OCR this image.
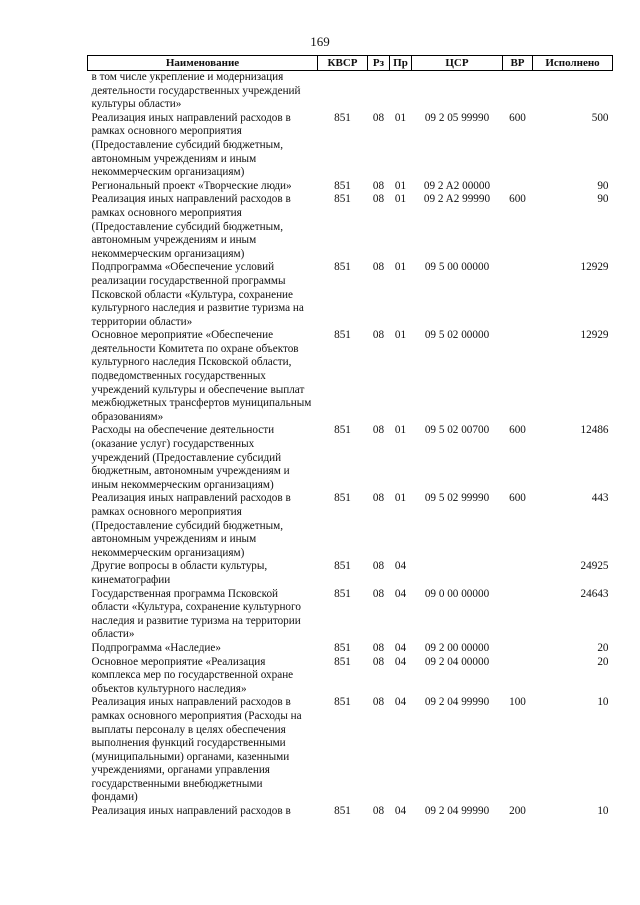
169
Наименование	КВСР	Рз	Пр	ЦСР	ВР	Исполнено
в том числе укрепление и модернизация деятельности государственных учреждений культуры области»						
Реализация иных направлений расходов в рамках основного мероприятия (Предоставление субсидий бюджетным, автономным учреждениям и иным некоммерческим организациям)	851	08	01	09 2 05 99990	600	500
Региональный проект «Творческие люди»	851	08	01	09 2 A2 00000		90
Реализация иных направлений расходов в рамках основного мероприятия (Предоставление субсидий бюджетным, автономным учреждениям и иным некоммерческим организациям)	851	08	01	09 2 A2 99990	600	90
Подпрограмма «Обеспечение условий реализации государственной программы Псковской области «Культура, сохранение культурного наследия и развитие туризма на территории области»	851	08	01	09 5 00 00000		12929
Основное мероприятие «Обеспечение деятельности Комитета по охране объектов культурного наследия Псковской области, подведомственных государственных учреждений культуры и обеспечение выплат межбюджетных трансфертов муниципальным образованиям»	851	08	01	09 5 02 00000		12929
Расходы на обеспечение деятельности (оказание услуг) государственных учреждений (Предоставление субсидий бюджетным, автономным учреждениям и иным некоммерческим организациям)	851	08	01	09 5 02 00700	600	12486
Реализация иных направлений расходов в рамках основного мероприятия (Предоставление субсидий бюджетным, автономным учреждениям и иным некоммерческим организациям)	851	08	01	09 5 02 99990	600	443
Другие вопросы в области культуры, кинематографии	851	08	04			24925
Государственная программа Псковской области «Культура, сохранение культурного наследия и развитие туризма на территории области»	851	08	04	09 0 00 00000		24643
Подпрограмма «Наследие»	851	08	04	09 2 00 00000		20
Основное мероприятие «Реализация комплекса мер по государственной охране объектов культурного наследия»	851	08	04	09 2 04 00000		20
Реализация иных направлений расходов в рамках основного мероприятия (Расходы на выплаты персоналу в целях обеспечения выполнения функций государственными (муниципальными) органами, казенными учреждениями, органами управления государственными внебюджетными фондами)	851	08	04	09 2 04 99990	100	10
Реализация иных направлений расходов в	851	08	04	09 2 04 99990	200	10
